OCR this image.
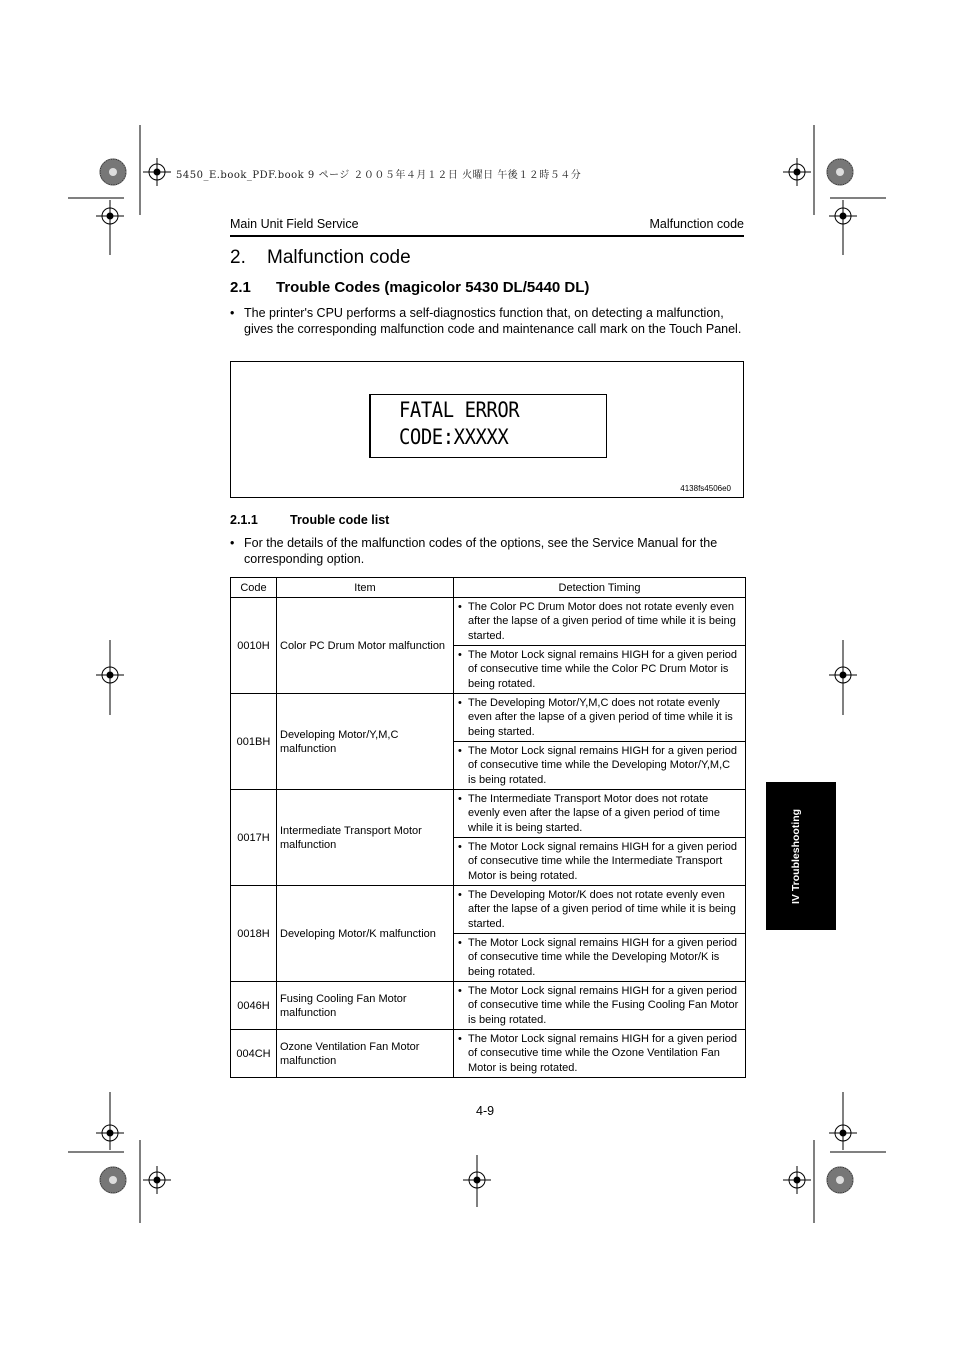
5450_E.book_PDF.book 9 ページ ２００５年４月１２日 火曜日 午後１２時５４分
Main Unit Field Service	Malfunction code
2. Malfunction code
2.1 Trouble Codes (magicolor 5430 DL/5440 DL)
• The printer's CPU performs a self-diagnostics function that, on detecting a malfunction, gives the corresponding malfunction code and maintenance call mark on the Touch Panel.
FATAL ERROR
CODE:XXXXX
4138fs4506e0
2.1.1	Trouble code list
• For the details of the malfunction codes of the options, see the Service Manual for the corresponding option.
Code	Item	Detection Timing
0010H	Color PC Drum Motor malfunction	• The Color PC Drum Motor does not rotate evenly even after the lapse of a given period of time while it is being started.

		• The Motor Lock signal remains HIGH for a given period of consecutive time while the Color PC Drum Motor is being rotated.

001BH	Developing Motor/Y,M,C malfunction	• The Developing Motor/Y,M,C does not rotate evenly even after the lapse of a given period of time while it is being started.

		• The Motor Lock signal remains HIGH for a given period of consecutive time while the Developing Motor/Y,M,C is being rotated.

0017H	Intermediate Transport Motor malfunction	• The Intermediate Transport Motor does not rotate evenly even after the lapse of a given period of time while it is being started.

		• The Motor Lock signal remains HIGH for a given period of consecutive time while the Intermediate Transport Motor is being rotated.

0018H	Developing Motor/K malfunction	• The Developing Motor/K does not rotate evenly even after the lapse of a given period of time while it is being started.

		• The Motor Lock signal remains HIGH for a given period of consecutive time while the Developing Motor/K is being rotated.

0046H	Fusing Cooling Fan Motor malfunction	• The Motor Lock signal remains HIGH for a given period of consecutive time while the Fusing Cooling Fan Motor is being rotated.

004CH	Ozone Ventilation Fan Motor malfunction	• The Motor Lock signal remains HIGH for a given period of consecutive time while the Ozone Ventilation Fan Motor is being rotated.
IV Troubleshooting
4-9
